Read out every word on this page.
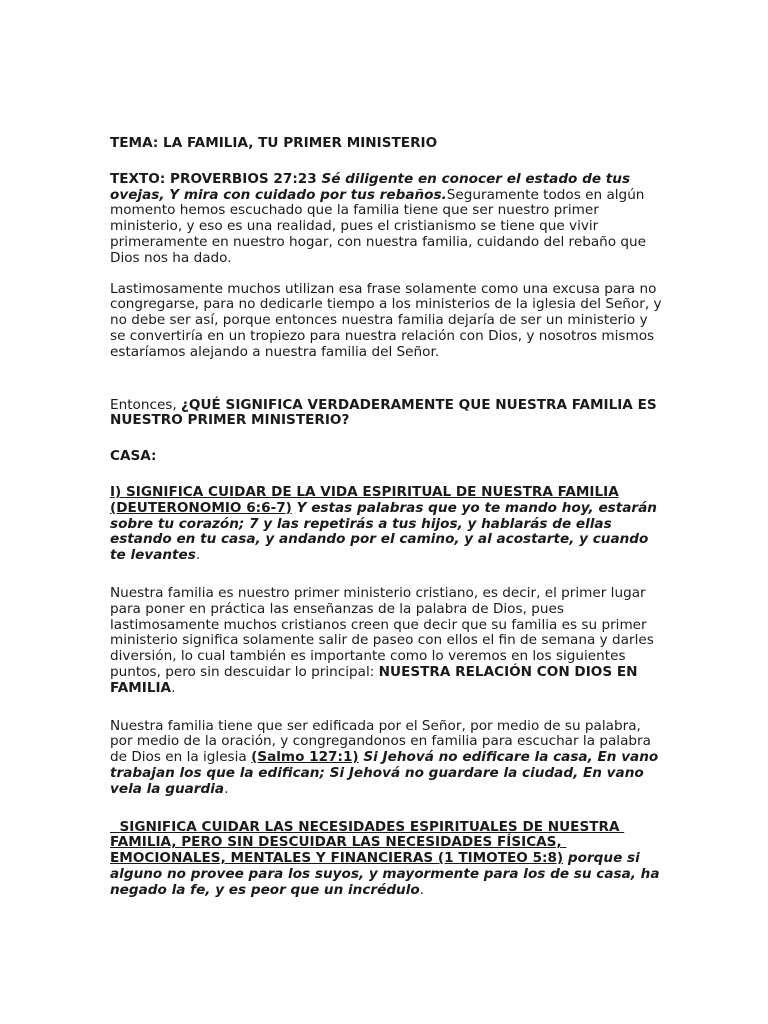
TEMA: LA FAMILIA, TU PRIMER MINISTERIO

TEXTO: PROVERBIOS 27:23 Sé diligente en conocer el estado de tus ovejas, Y mira con cuidado por tus rebaños.Seguramente todos en algún momento hemos escuchado que la familia tiene que ser nuestro primer ministerio, y eso es una realidad, pues el cristianismo se tiene que vivir primeramente en nuestro hogar, con nuestra familia, cuidando del rebaño que Dios nos ha dado.

Lastimosamente muchos utilizan esa frase solamente como una excusa para no congregarse, para no dedicarle tiempo a los ministerios de la iglesia del Señor, y no debe ser así, porque entonces nuestra familia dejaría de ser un ministerio y se convertiría en un tropiezo para nuestra relación con Dios, y nosotros mismos estaríamos alejando a nuestra familia del Señor.

Entonces, ¿QUÉ SIGNIFICA VERDADERAMENTE QUE NUESTRA FAMILIA ES NUESTRO PRIMER MINISTERIO?

CASA:

I) SIGNIFICA CUIDAR DE LA VIDA ESPIRITUAL DE NUESTRA FAMILIA (DEUTERONOMIO 6:6-7) Y estas palabras que yo te mando hoy, estarán sobre tu corazón; 7 y las repetirás a tus hijos, y hablarás de ellas estando en tu casa, y andando por el camino, y al acostarte, y cuando te levantes.

Nuestra familia es nuestro primer ministerio cristiano, es decir, el primer lugar para poner en práctica las enseñanzas de la palabra de Dios, pues lastimosamente muchos cristianos creen que decir que su familia es su primer ministerio significa solamente salir de paseo con ellos el fin de semana y darles diversión, lo cual también es importante como lo veremos en los siguientes puntos, pero sin descuidar lo principal: NUESTRA RELACIÓN CON DIOS EN FAMILIA.

Nuestra familia tiene que ser edificada por el Señor, por medio de su palabra, por medio de la oración, y congregandonos en familia para escuchar la palabra de Dios en la iglesia (Salmo 127:1) Si Jehová no edificare la casa, En vano trabajan los que la edifican; Si Jehová no guardare la ciudad, En vano vela la guardia.

SIGNIFICA CUIDAR LAS NECESIDADES ESPIRITUALES DE NUESTRA FAMILIA, PERO SIN DESCUIDAR LAS NECESIDADES FÍSICAS, EMOCIONALES, MENTALES Y FINANCIERAS (1 TIMOTEO 5:8) porque si alguno no provee para los suyos, y mayormente para los de su casa, ha negado la fe, y es peor que un incrédulo.
